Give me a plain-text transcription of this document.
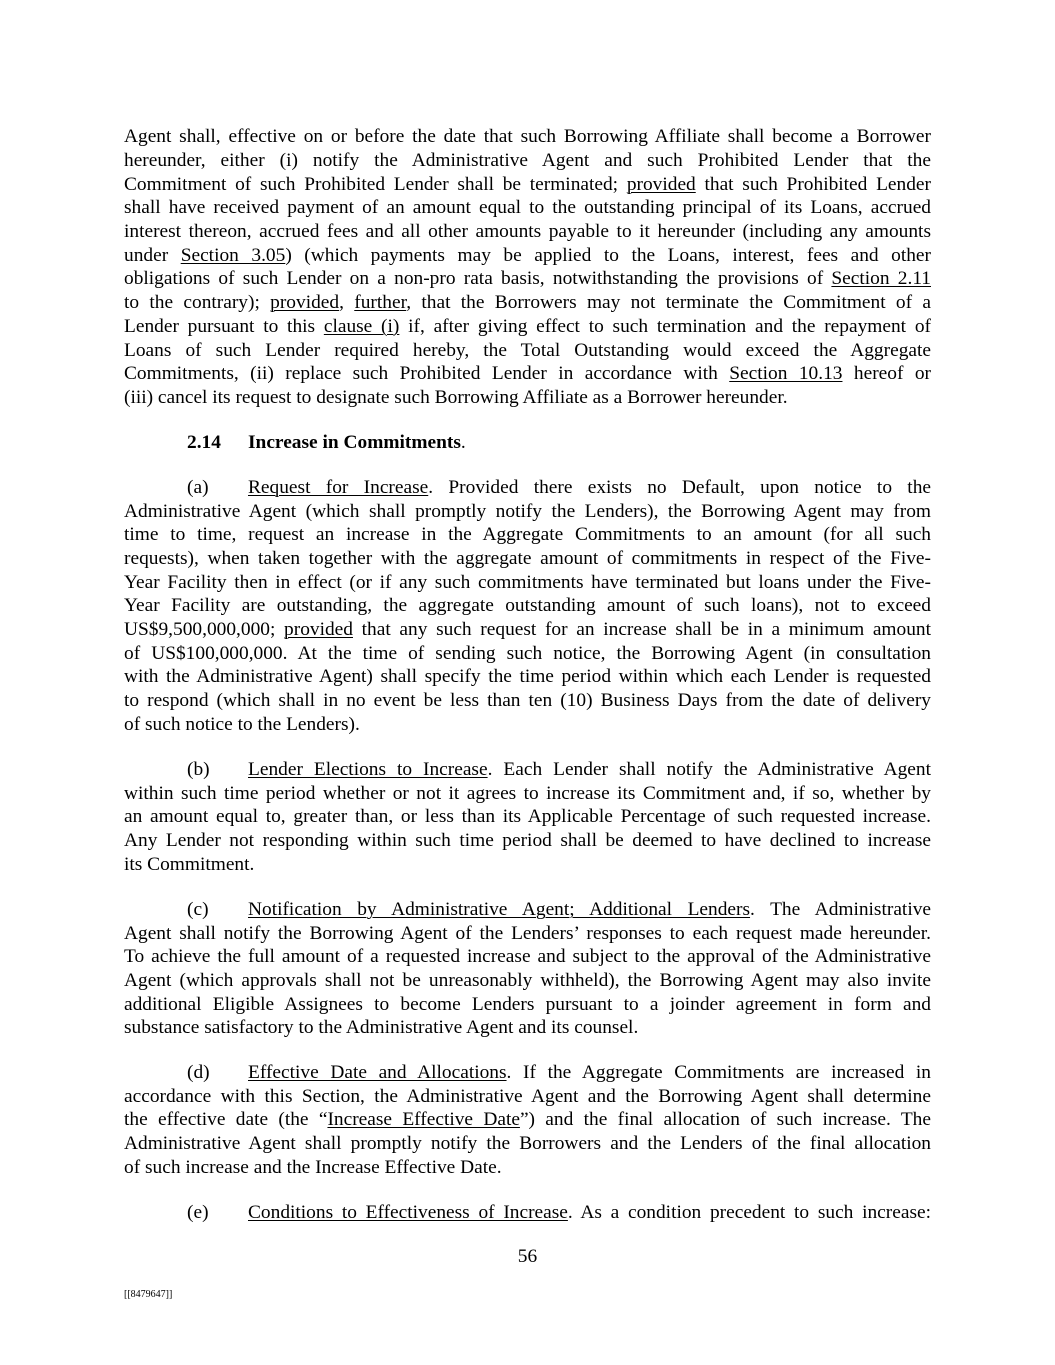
Agent shall, effective on or before the date that such Borrowing Affiliate shall become a Borrower
hereunder, either (i) notify the Administrative Agent and such Prohibited Lender that the
Commitment of such Prohibited Lender shall be terminated; provided that such Prohibited Lender
shall have received payment of an amount equal to the outstanding principal of its Loans, accrued
interest thereon, accrued fees and all other amounts payable to it hereunder (including any amounts
under Section 3.05) (which payments may be applied to the Loans, interest, fees and other
obligations of such Lender on a non-pro rata basis, notwithstanding the provisions of Section 2.11
to the contrary); provided, further, that the Borrowers may not terminate the Commitment of a
Lender pursuant to this clause (i) if, after giving effect to such termination and the repayment of
Loans of such Lender required hereby, the Total Outstanding would exceed the Aggregate
Commitments, (ii) replace such Prohibited Lender in accordance with Section 10.13 hereof or
(iii) cancel its request to designate such Borrowing Affiliate as a Borrower hereunder.
2.14 Increase in Commitments.
(a) Request for Increase. Provided there exists no Default, upon notice to the
Administrative Agent (which shall promptly notify the Lenders), the Borrowing Agent may from
time to time, request an increase in the Aggregate Commitments to an amount (for all such
requests), when taken together with the aggregate amount of commitments in respect of the Five-
Year Facility then in effect (or if any such commitments have terminated but loans under the Five-
Year Facility are outstanding, the aggregate outstanding amount of such loans), not to exceed
US$9,500,000,000; provided that any such request for an increase shall be in a minimum amount
of US$100,000,000. At the time of sending such notice, the Borrowing Agent (in consultation
with the Administrative Agent) shall specify the time period within which each Lender is requested
to respond (which shall in no event be less than ten (10) Business Days from the date of delivery
of such notice to the Lenders).
(b) Lender Elections to Increase. Each Lender shall notify the Administrative Agent
within such time period whether or not it agrees to increase its Commitment and, if so, whether by
an amount equal to, greater than, or less than its Applicable Percentage of such requested increase.
Any Lender not responding within such time period shall be deemed to have declined to increase
its Commitment.
(c) Notification by Administrative Agent; Additional Lenders. The Administrative
Agent shall notify the Borrowing Agent of the Lenders’ responses to each request made hereunder.
To achieve the full amount of a requested increase and subject to the approval of the Administrative
Agent (which approvals shall not be unreasonably withheld), the Borrowing Agent may also invite
additional Eligible Assignees to become Lenders pursuant to a joinder agreement in form and
substance satisfactory to the Administrative Agent and its counsel.
(d) Effective Date and Allocations. If the Aggregate Commitments are increased in
accordance with this Section, the Administrative Agent and the Borrowing Agent shall determine
the effective date (the “Increase Effective Date”) and the final allocation of such increase. The
Administrative Agent shall promptly notify the Borrowers and the Lenders of the final allocation
of such increase and the Increase Effective Date.
(e) Conditions to Effectiveness of Increase. As a condition precedent to such increase:
56
[[8479647]]
